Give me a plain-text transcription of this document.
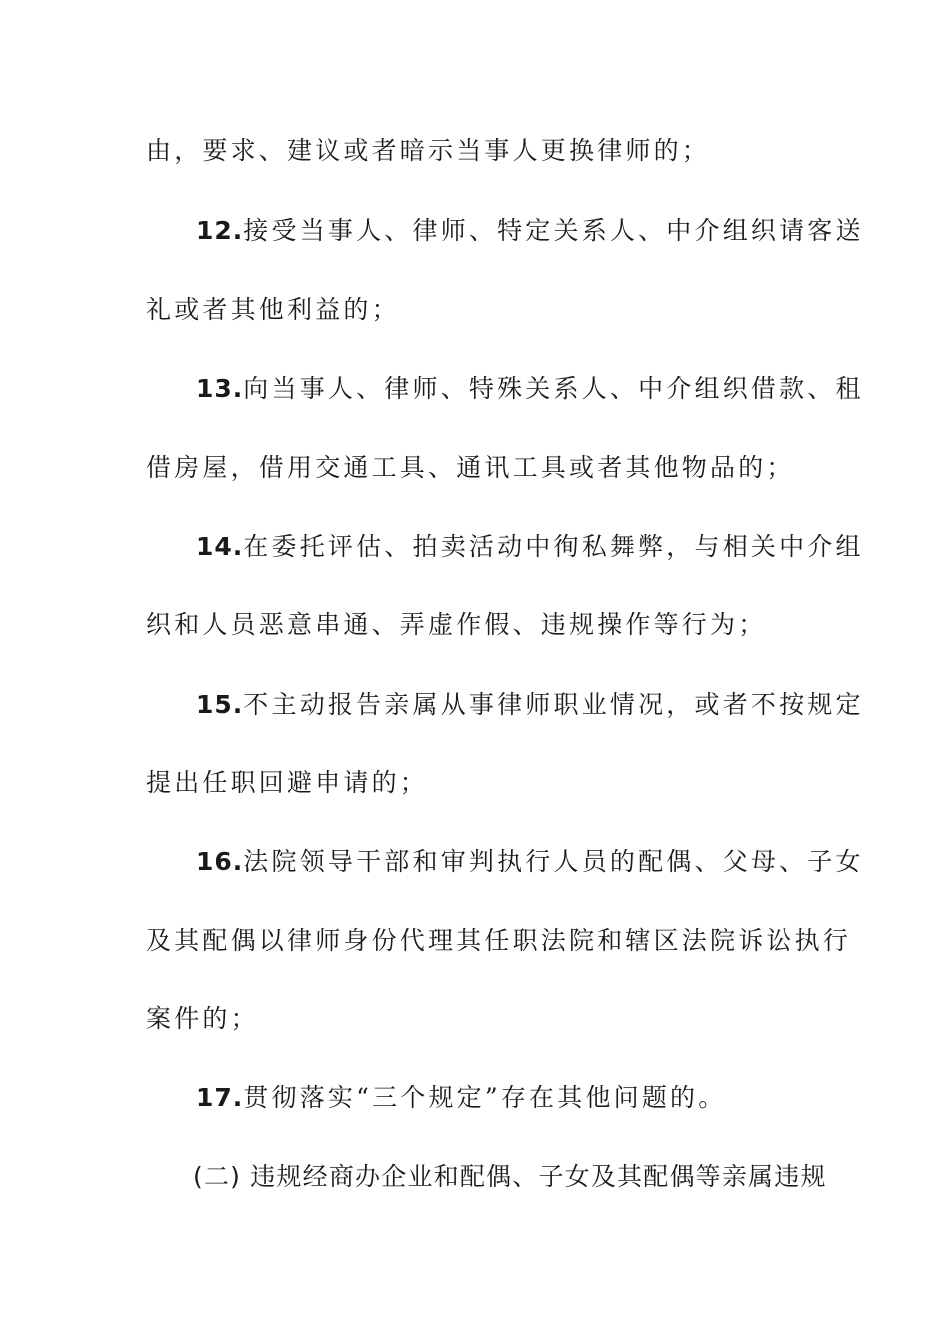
由，要求、建议或者暗示当事人更换律师的；
12.接受当事人、律师、特定关系人、中介组织请客送
礼或者其他利益的；
13.向当事人、律师、特殊关系人、中介组织借款、租
借房屋，借用交通工具、通讯工具或者其他物品的；
14.在委托评估、拍卖活动中徇私舞弊，与相关中介组
织和人员恶意串通、弄虚作假、违规操作等行为；
15.不主动报告亲属从事律师职业情况，或者不按规定
提出任职回避申请的；
16.法院领导干部和审判执行人员的配偶、父母、子女
及其配偶以律师身份代理其任职法院和辖区法院诉讼执行
案件的；
17.贯彻落实“三个规定”存在其他问题的。
(二) 违规经商办企业和配偶、子女及其配偶等亲属违规
